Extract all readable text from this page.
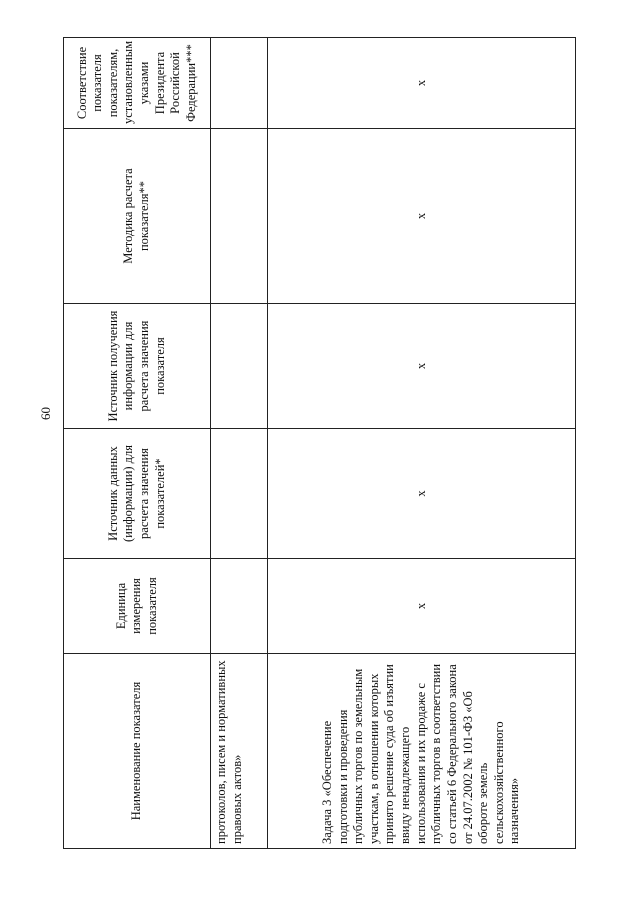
60
Наименование показателя	Единица измерения показателя	Источник данных (информации) для расчета значения показателей*	Источник получения информации для расчета значения показателя	Методика расчета показателя**	Соответствие показателя показателям, установленным указами Президента Российской Федерации***
протоколов, писем и нормативных правовых актов»					
Задача 3 «Обеспечение подготовки и проведения публичных торгов по земельным участкам, в отношении которых принято решение суда об изъятии ввиду ненадлежащего использования и их продаже с публичных торгов в соответствии со статьей 6 Федерального закона от 24.07.2002 № 101-ФЗ «Об обороте земель сельскохозяйственного назначения»	x	x	x	x	x
